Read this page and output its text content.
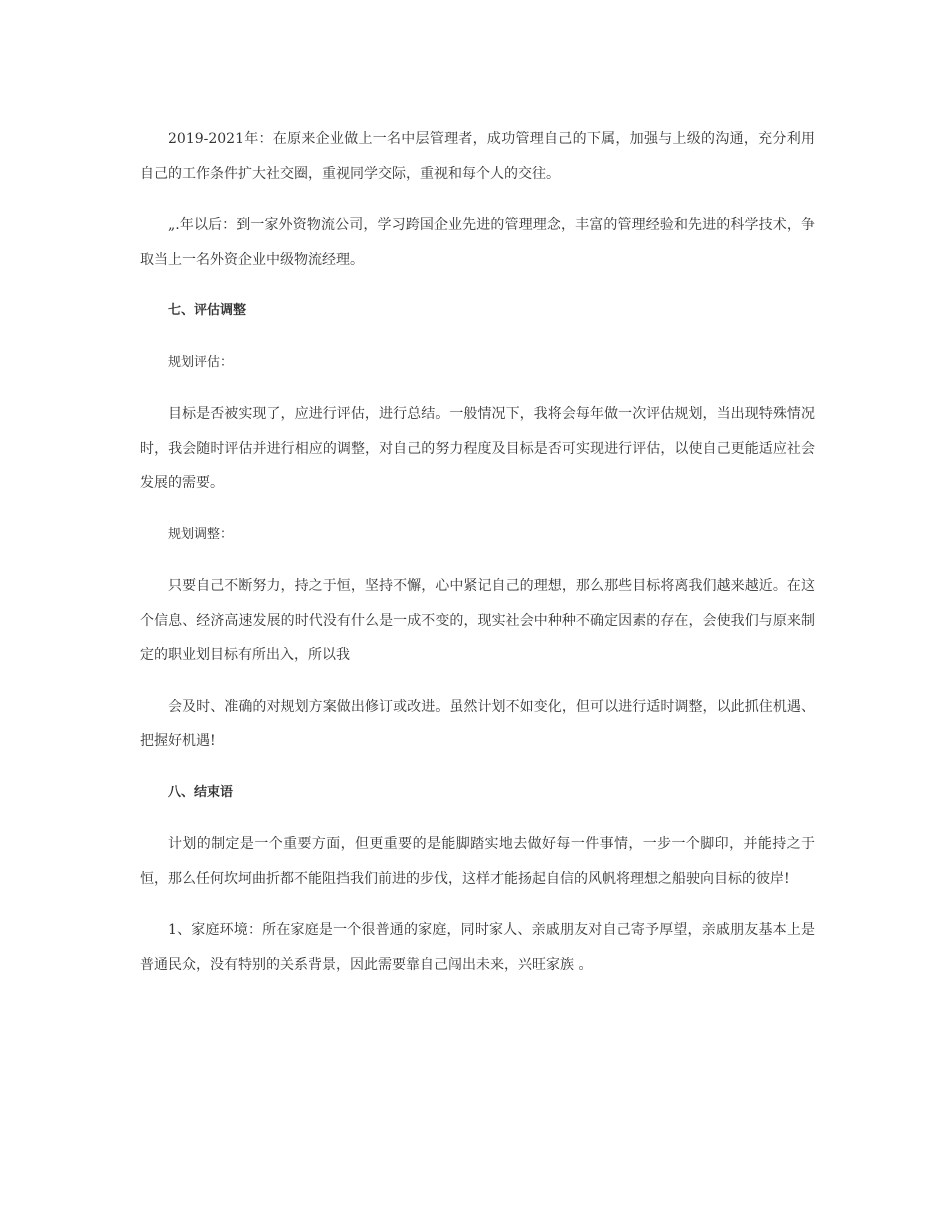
2019-2021年：在原来企业做上一名中层管理者，成功管理自己的下属，加强与上级的沟通，充分利用自己的工作条件扩大社交圈，重视同学交际，重视和每个人的交往。

„.年以后：到一家外资物流公司，学习跨国企业先进的管理理念，丰富的管理经验和先进的科学技术，争取当上一名外资企业中级物流经理。

七、评估调整

规划评估：

目标是否被实现了，应进行评估，进行总结。一般情况下，我将会每年做一次评估规划，当出现特殊情况时，我会随时评估并进行相应的调整，对自己的努力程度及目标是否可实现进行评估，以使自己更能适应社会发展的需要。

规划调整：

只要自己不断努力，持之于恒，坚持不懈，心中紧记自己的理想，那么那些目标将离我们越来越近。在这个信息、经济高速发展的时代没有什么是一成不变的，现实社会中种种不确定因素的存在，会使我们与原来制定的职业划目标有所出入，所以我

会及时、准确的对规划方案做出修订或改进。虽然计划不如变化，但可以进行适时调整，以此抓住机遇、把握好机遇!

八、结束语

计划的制定是一个重要方面，但更重要的是能脚踏实地去做好每一件事情，一步一个脚印，并能持之于恒，那么任何坎坷曲折都不能阻挡我们前进的步伐，这样才能扬起自信的风帆将理想之船驶向目标的彼岸!

1、家庭环境：所在家庭是一个很普通的家庭，同时家人、亲戚朋友对自己寄予厚望，亲戚朋友基本上是普通民众，没有特别的关系背景，因此需要靠自己闯出未来，兴旺家族 。
